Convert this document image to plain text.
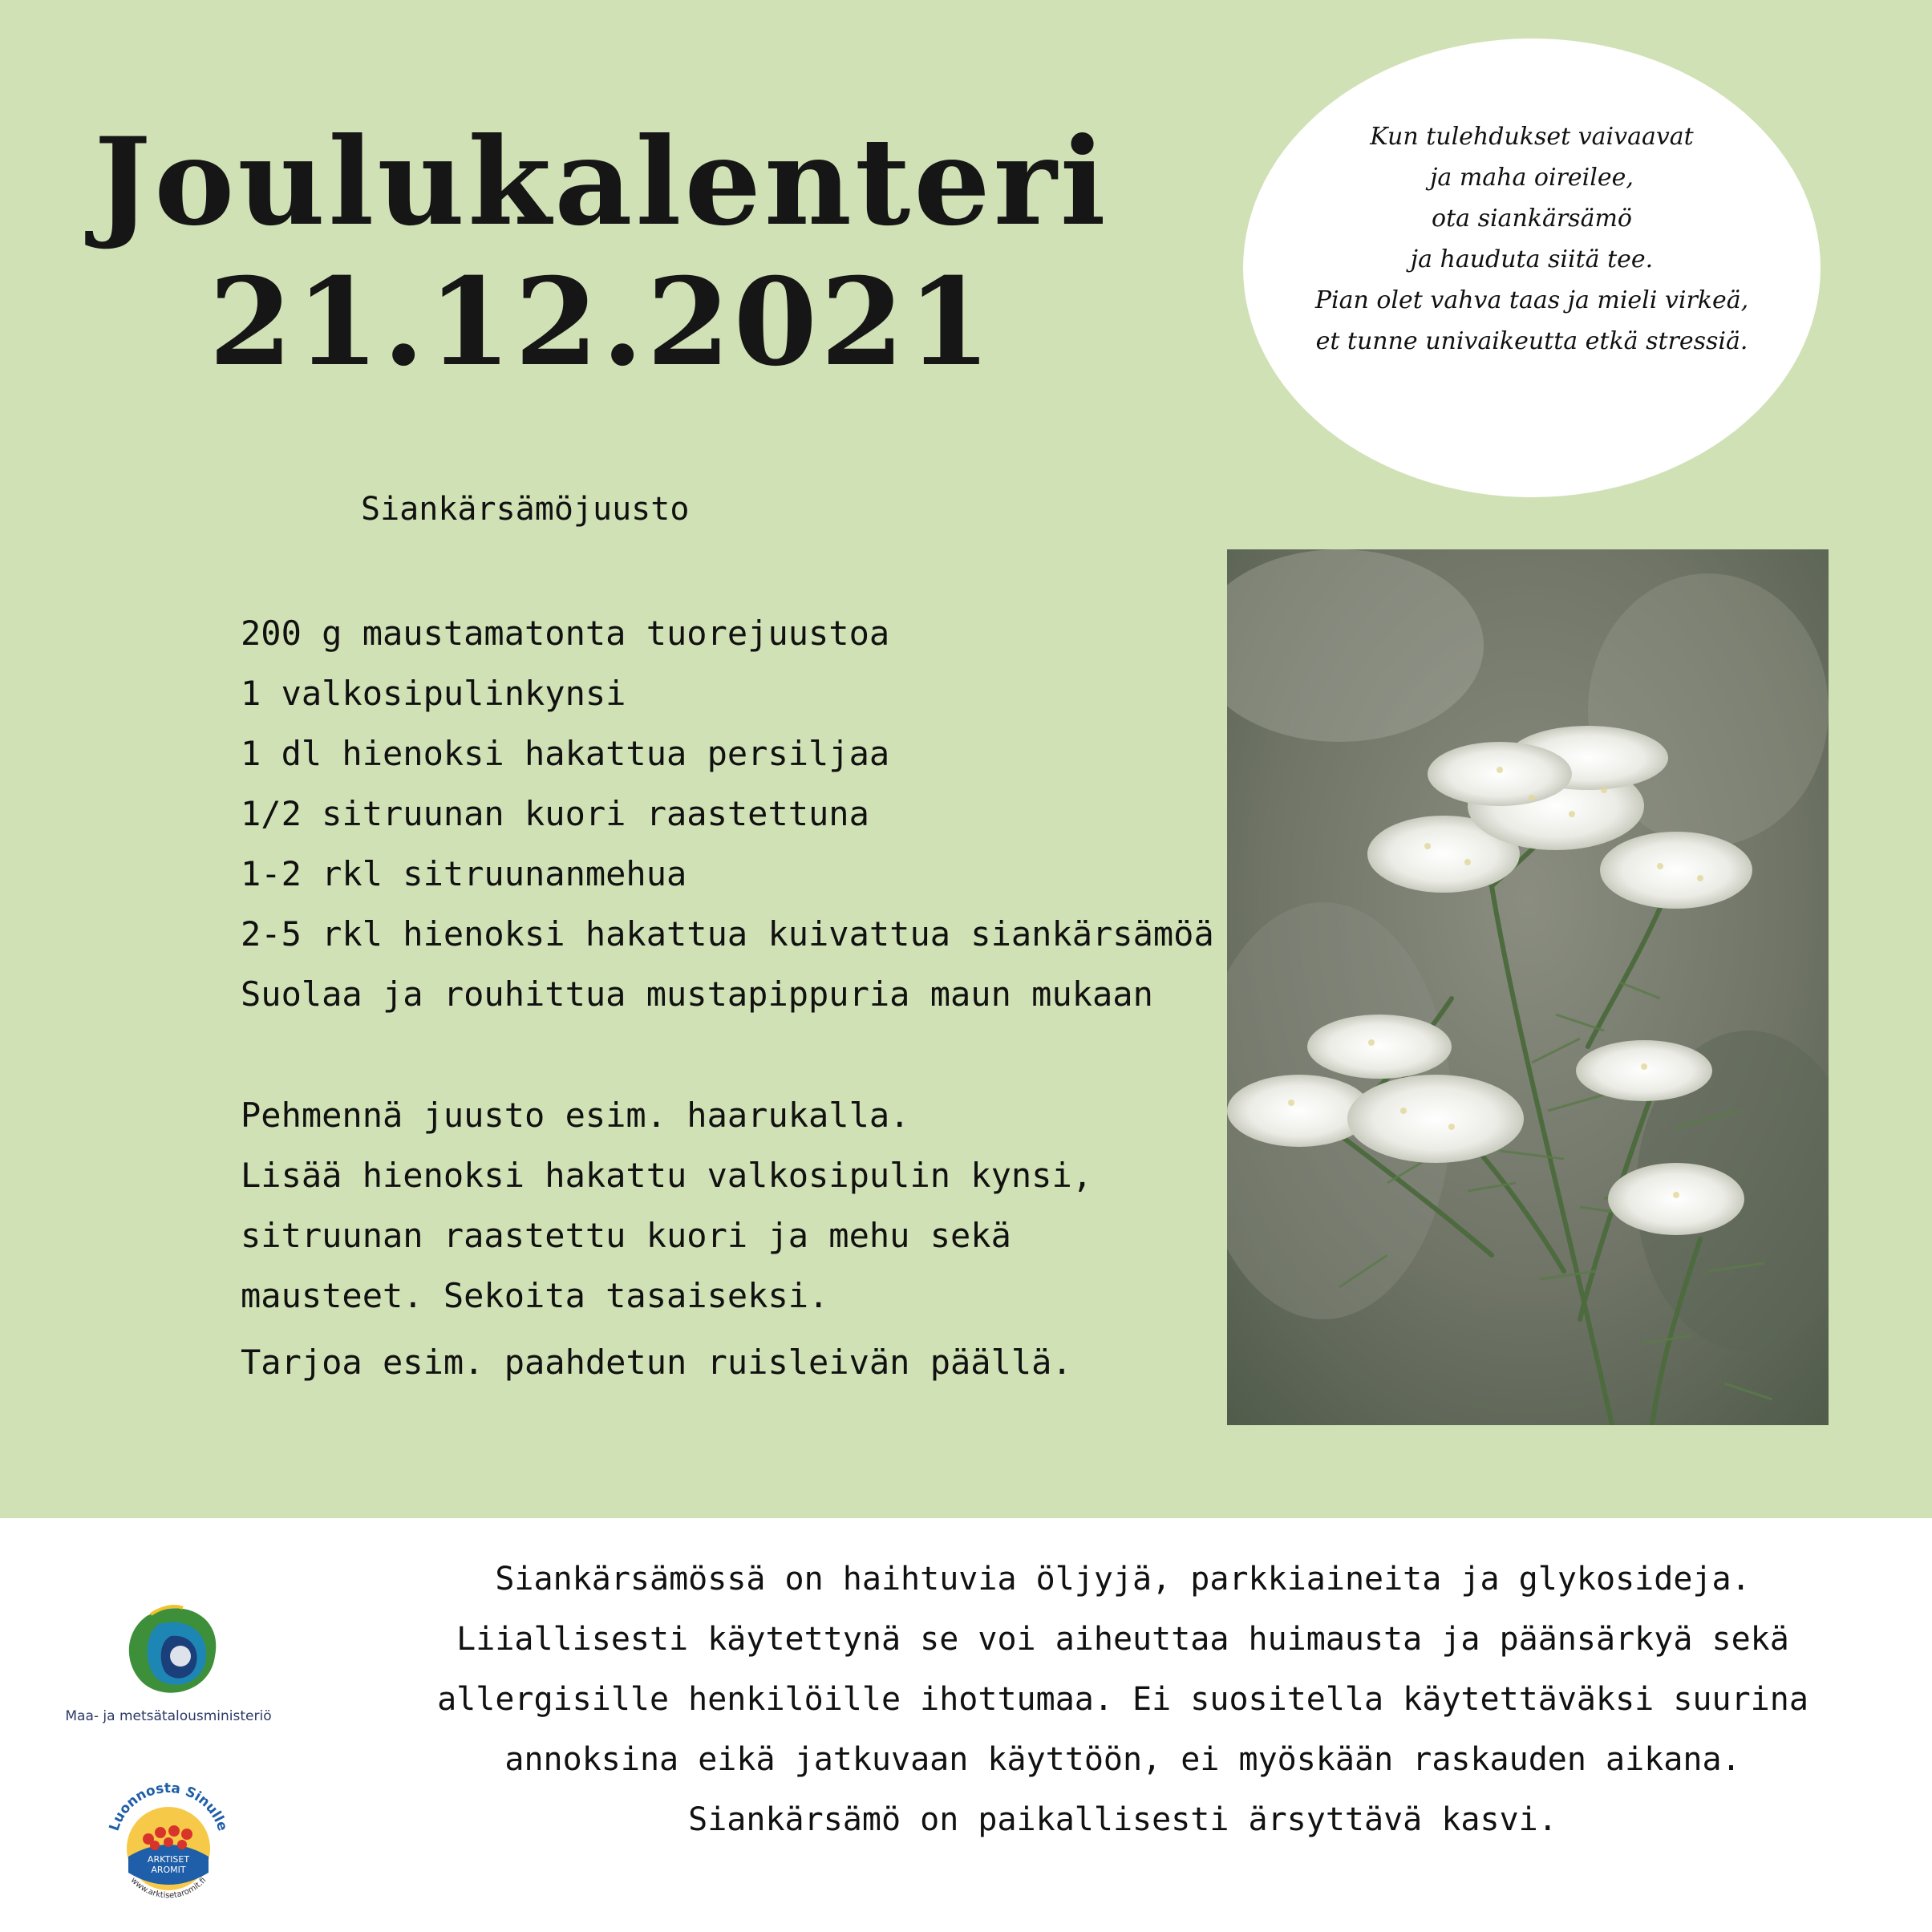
Joulukalenteri
21.12.2021
Kun tulehdukset vaivaavat
ja maha oireilee,
ota siankärsämö
ja hauduta siitä tee.
Pian olet vahva taas ja mieli virkeä,
et tunne univaikeutta etkä stressiä.
Siankärsämöjuusto
200 g maustamatonta tuorejuustoa
1 valkosipulinkynsi
1 dl hienoksi hakattua persiljaa
1/2 sitruunan kuori raastettuna
1-2 rkl sitruunanmehua
2-5 rkl hienoksi hakattua kuivattua siankärsämöä
Suolaa ja rouhittua mustapippuria maun mukaan
Pehmennä juusto esim. haarukalla.
Lisää hienoksi hakattu valkosipulin kynsi,
sitruunan raastettu kuori ja mehu sekä
mausteet. Sekoita tasaiseksi.
Tarjoa esim. paahdetun ruisleivän päällä.
Siankärsämössä on haihtuvia öljyjä, parkkiaineita ja glykosideja.
Liiallisesti käytettynä se voi aiheuttaa huimausta ja päänsärkyä sekä
allergisille henkilöille ihottumaa. Ei suositella käytettäväksi suurina
annoksina eikä jatkuvaan käyttöön, ei myöskään raskauden aikana.
Siankärsämö on paikallisesti ärsyttävä kasvi.
Maa- ja metsätalousministeriö
Luonnosta Sinulle
ARKTISET
AROMIT
www.arktisetaromit.fi
